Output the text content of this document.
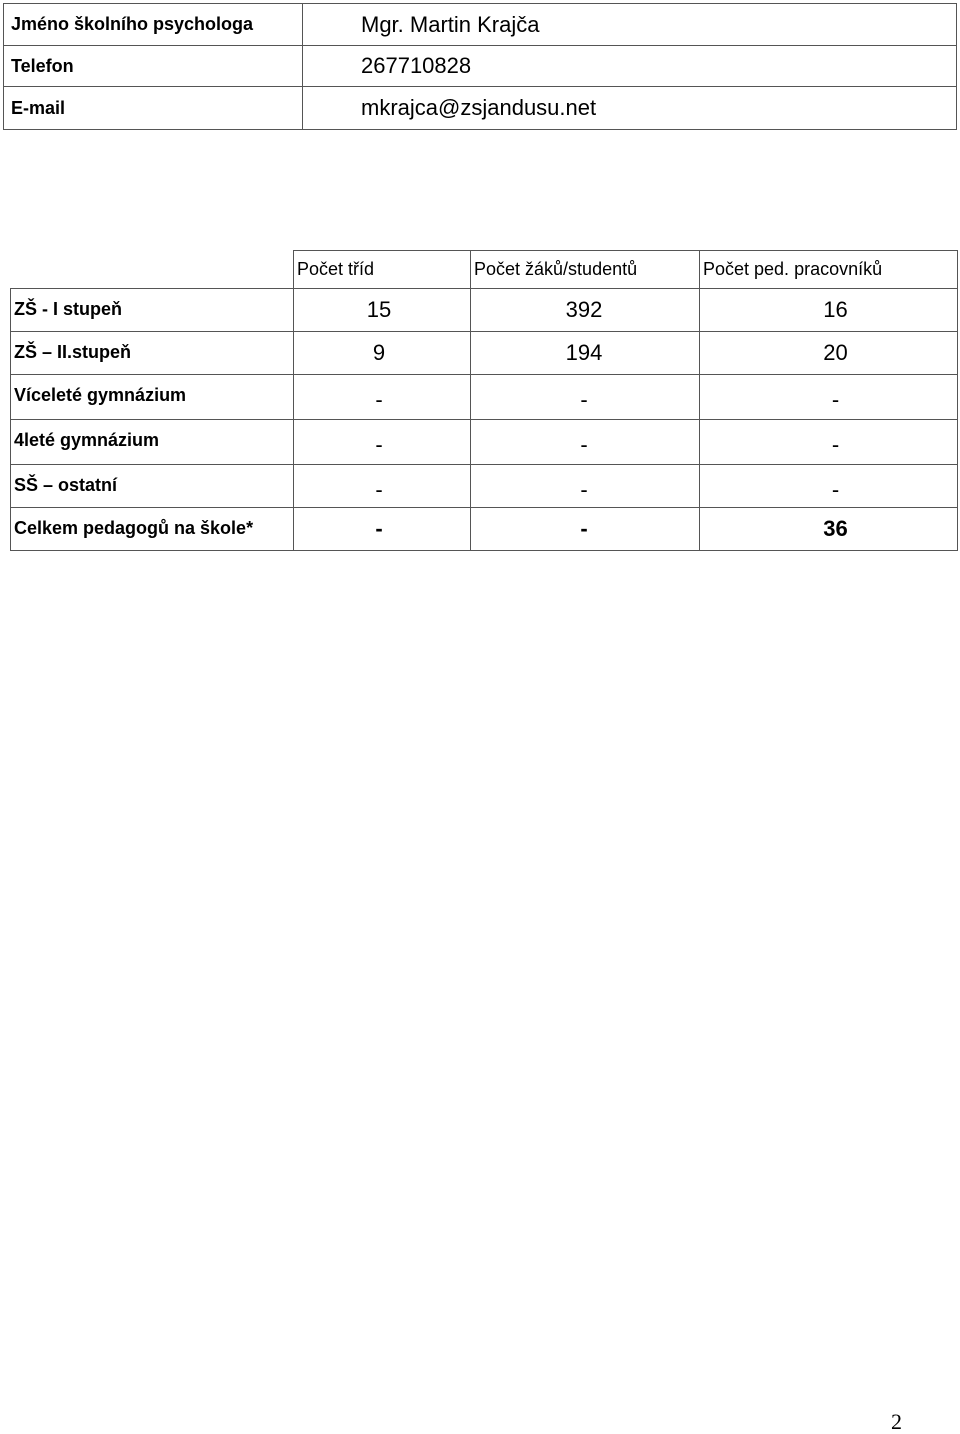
Jméno školního psychologa	Mgr. Martin Krajča
Telefon	267710828
E-mail	mkrajca@zsjandusu.net
	Počet tříd	Počet žáků/studentů	Počet ped. pracovníků
ZŠ - I stupeň	15	392	16
ZŠ – II.stupeň	9	194	20
Víceleté gymnázium	-	-	-
4leté gymnázium	-	-	-
SŠ – ostatní	-	-	-
Celkem pedagogů na škole*	-	-	36
2
